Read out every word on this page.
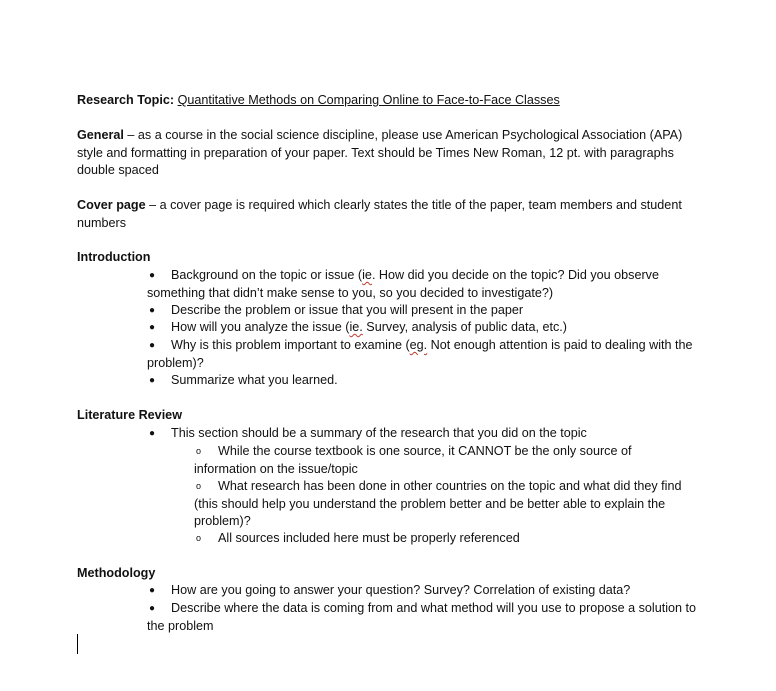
Research Topic: Quantitative Methods on Comparing Online to Face-to-Face Classes

General – as a course in the social science discipline, please use American Psychological Association (APA) style and formatting in preparation of your paper. Text should be Times New Roman, 12 pt. with paragraphs double spaced

Cover page – a cover page is required which clearly states the title of the paper, team members and student numbers

Introduction

● Background on the topic or issue (ie. How did you decide on the topic? Did you observe something that didn’t make sense to you, so you decided to investigate?)

● Describe the problem or issue that you will present in the paper

● How will you analyze the issue (ie. Survey, analysis of public data, etc.)

● Why is this problem important to examine (eg. Not enough attention is paid to dealing with the problem)?

● Summarize what you learned.

Literature Review

● This section should be a summary of the research that you did on the topic

o While the course textbook is one source, it CANNOT be the only source of information on the issue/topic

o What research has been done in other countries on the topic and what did they find (this should help you understand the problem better and be better able to explain the problem)?

o All sources included here must be properly referenced

Methodology

● How are you going to answer your question? Survey? Correlation of existing data?

● Describe where the data is coming from and what method will you use to propose a solution to the problem
